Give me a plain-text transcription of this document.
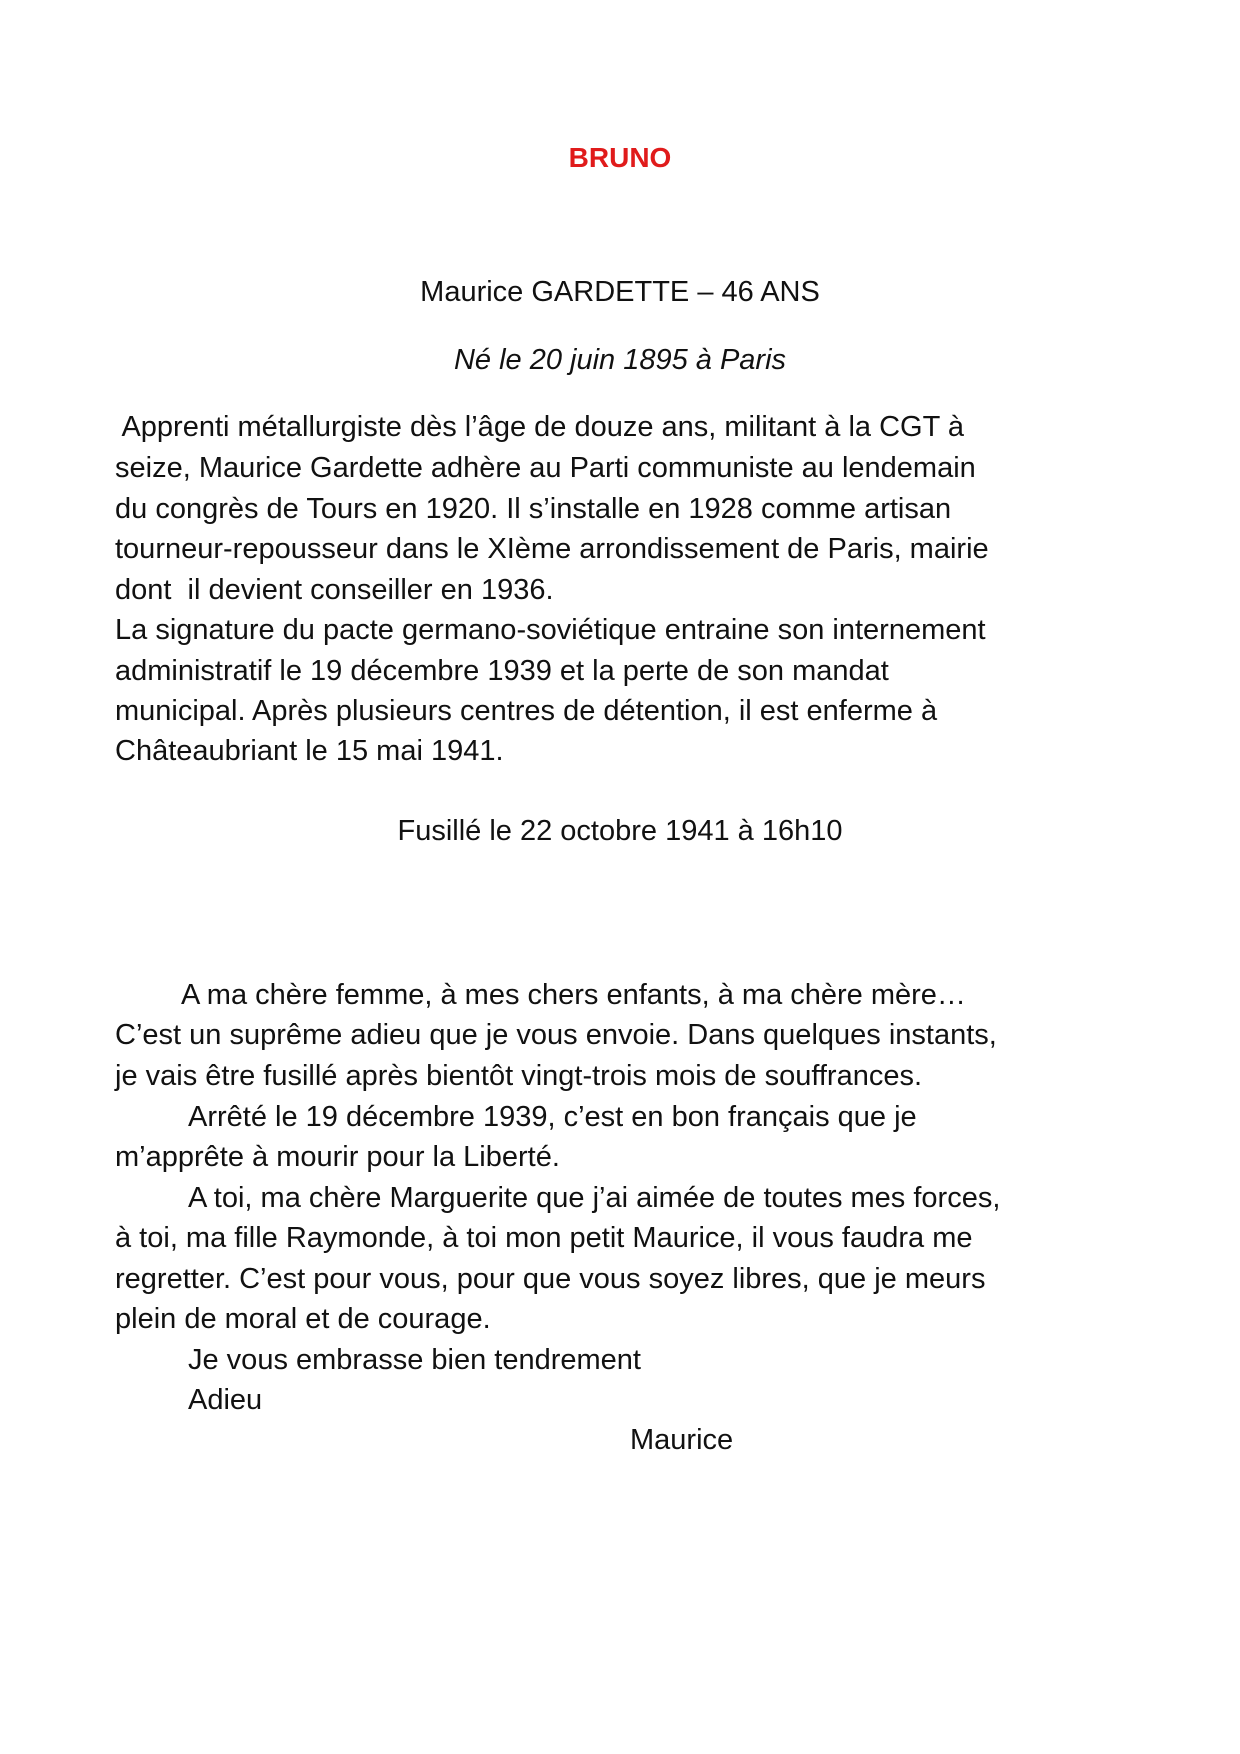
BRUNO

Maurice GARDETTE – 46 ANS

Né le 20 juin 1895 à Paris

Apprenti métallurgiste dès l’âge de douze ans, militant à la CGT à

seize, Maurice Gardette adhère au Parti communiste au lendemain

du congrès de Tours en 1920. Il s’installe en 1928 comme artisan

tourneur-repousseur dans le XIème arrondissement de Paris, mairie

dont  il devient conseiller en 1936.

La signature du pacte germano-soviétique entraine son internement

administratif le 19 décembre 1939 et la perte de son mandat

municipal. Après plusieurs centres de détention, il est enferme à

Châteaubriant le 15 mai 1941.

Fusillé le 22 octobre 1941 à 16h10

A ma chère femme, à mes chers enfants, à ma chère mère…

C’est un suprême adieu que je vous envoie. Dans quelques instants,

je vais être fusillé après bientôt vingt-trois mois de souffrances.

Arrêté le 19 décembre 1939, c’est en bon français que je

m’apprête à mourir pour la Liberté.

A toi, ma chère Marguerite que j’ai aimée de toutes mes forces,

à toi, ma fille Raymonde, à toi mon petit Maurice, il vous faudra me

regretter. C’est pour vous, pour que vous soyez libres, que je meurs

plein de moral et de courage.

Je vous embrasse bien tendrement

Adieu

Maurice
